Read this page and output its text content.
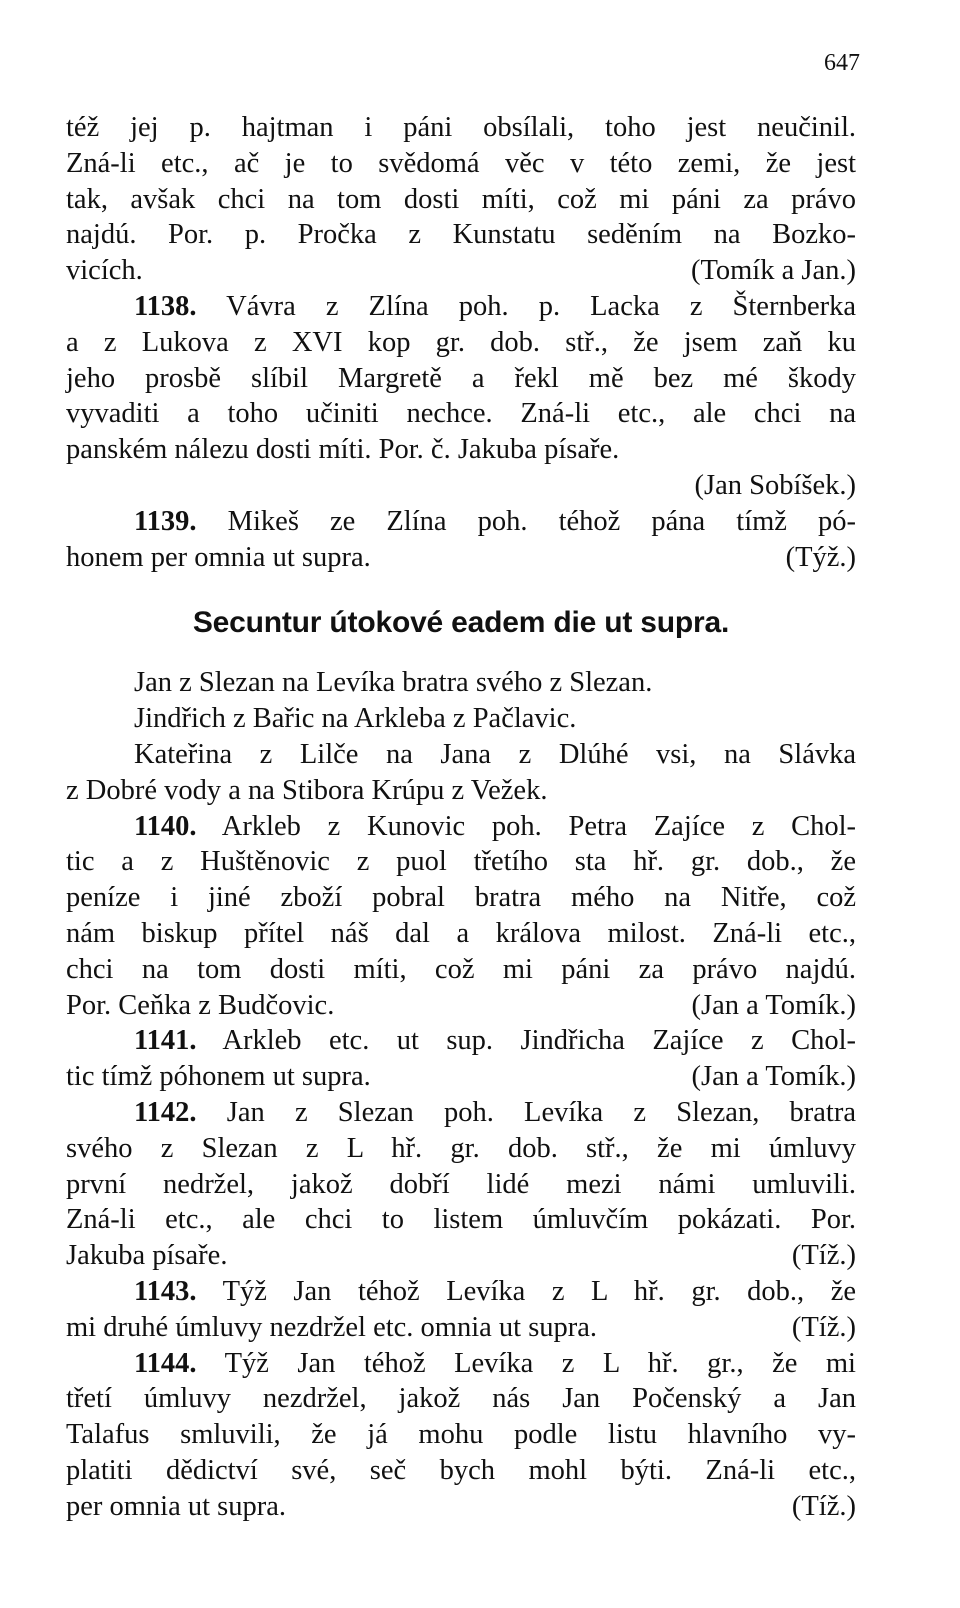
647
též jej p. hajtman i páni obsílali, toho jest neučinil.
Zná-li etc., ač je to svědomá věc v této zemi, že jest
tak, avšak chci na tom dosti míti, což mi páni za právo
najdú. Por. p. Pročka z Kunstatu seděním na Bozko-
vicích.	(Tomík a Jan.)
1138. Vávra z Zlína poh. p. Lacka z Šternberka
a z Lukova z XVI kop gr. dob. stř., že jsem zaň ku
jeho prosbě slíbil Margretě a řekl mě bez mé škody
vyvaditi a toho učiniti nechce. Zná-li etc., ale chci na
panském nálezu dosti míti. Por. č. Jakuba písaře.
(Jan Sobíšek.)
1139. Mikeš ze Zlína poh. téhož pána tímž pó-
honem per omnia ut supra.	(Týž.)
Secuntur útokové eadem die ut supra.
Jan z Slezan na Levíka bratra svého z Slezan.
Jindřich z Bařic na Arkleba z Pačlavic.
Kateřina z Lilče na Jana z Dlúhé vsi, na Slávka
z Dobré vody a na Stibora Krúpu z Vežek.
1140. Arkleb z Kunovic poh. Petra Zajíce z Chol-
tic a z Huštěnovic z puol třetího sta hř. gr. dob., že
peníze i jiné zboží pobral bratra mého na Nitře, což
nám biskup přítel náš dal a králova milost. Zná-li etc.,
chci na tom dosti míti, což mi páni za právo najdú.
Por. Ceňka z Budčovic.	(Jan a Tomík.)
1141. Arkleb etc. ut sup. Jindřicha Zajíce z Chol-
tic tímž póhonem ut supra.	(Jan a Tomík.)
1142. Jan z Slezan poh. Levíka z Slezan, bratra
svého z Slezan z L hř. gr. dob. stř., že mi úmluvy
první nedržel, jakož dobří lidé mezi námi umluvili.
Zná-li etc., ale chci to listem úmluvčím pokázati. Por.
Jakuba písaře.	(Tíž.)
1143. Týž Jan téhož Levíka z L hř. gr. dob., že
mi druhé úmluvy nezdržel etc. omnia ut supra.	(Tíž.)
1144. Týž Jan téhož Levíka z L hř. gr., že mi
třetí úmluvy nezdržel, jakož nás Jan Počenský a Jan
Talafus smluvili, že já mohu podle listu hlavního vy-
platiti dědictví své, seč bych mohl býti. Zná-li etc.,
per omnia ut supra.	(Tíž.)
